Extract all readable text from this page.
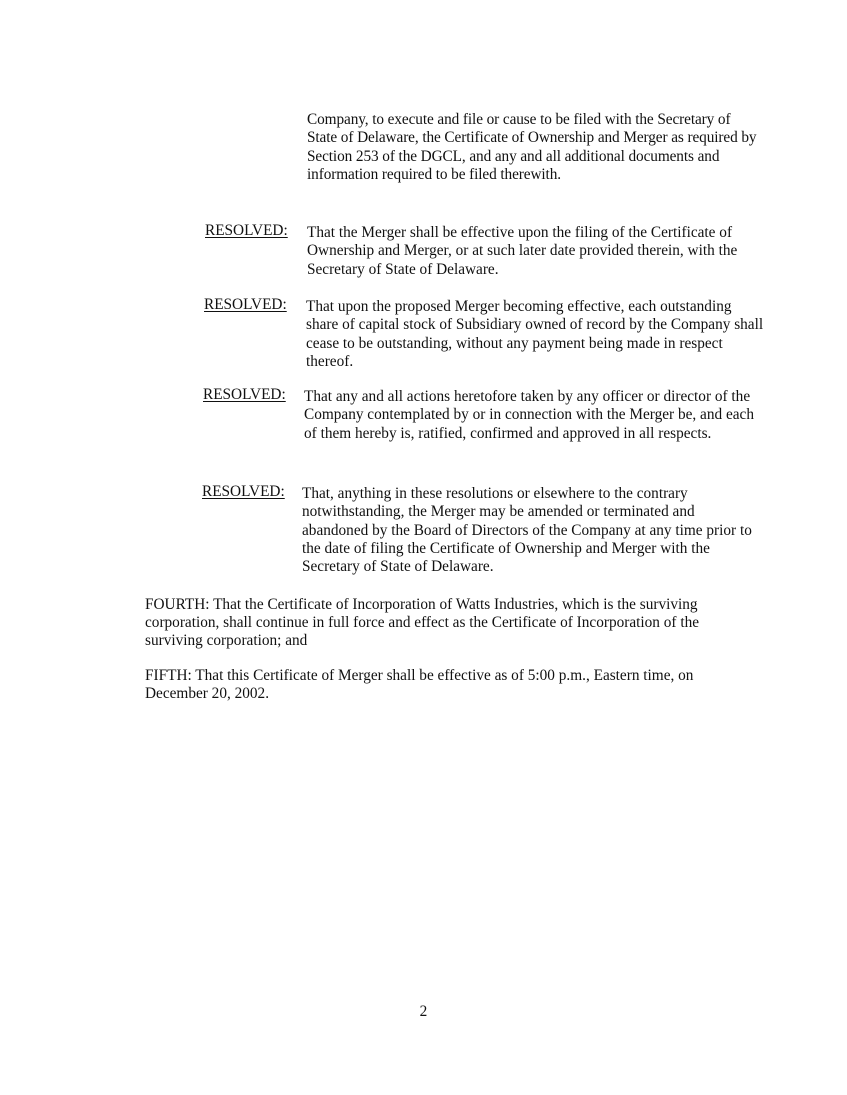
Company, to execute and file or cause to be filed with the Secretary of State of Delaware, the Certificate of Ownership and Merger as required by Section 253 of the DGCL, and any and all additional documents and information required to be filed therewith.
RESOLVED: That the Merger shall be effective upon the filing of the Certificate of Ownership and Merger, or at such later date provided therein, with the Secretary of State of Delaware.
RESOLVED: That upon the proposed Merger becoming effective, each outstanding share of capital stock of Subsidiary owned of record by the Company shall cease to be outstanding, without any payment being made in respect thereof.
RESOLVED: That any and all actions heretofore taken by any officer or director of the Company contemplated by or in connection with the Merger be, and each of them hereby is, ratified, confirmed and approved in all respects.
RESOLVED: That, anything in these resolutions or elsewhere to the contrary notwithstanding, the Merger may be amended or terminated and abandoned by the Board of Directors of the Company at any time prior to the date of filing the Certificate of Ownership and Merger with the Secretary of State of Delaware.
FOURTH: That the Certificate of Incorporation of Watts Industries, which is the surviving corporation, shall continue in full force and effect as the Certificate of Incorporation of the surviving corporation; and
FIFTH: That this Certificate of Merger shall be effective as of 5:00 p.m., Eastern time, on December 20, 2002.
2
